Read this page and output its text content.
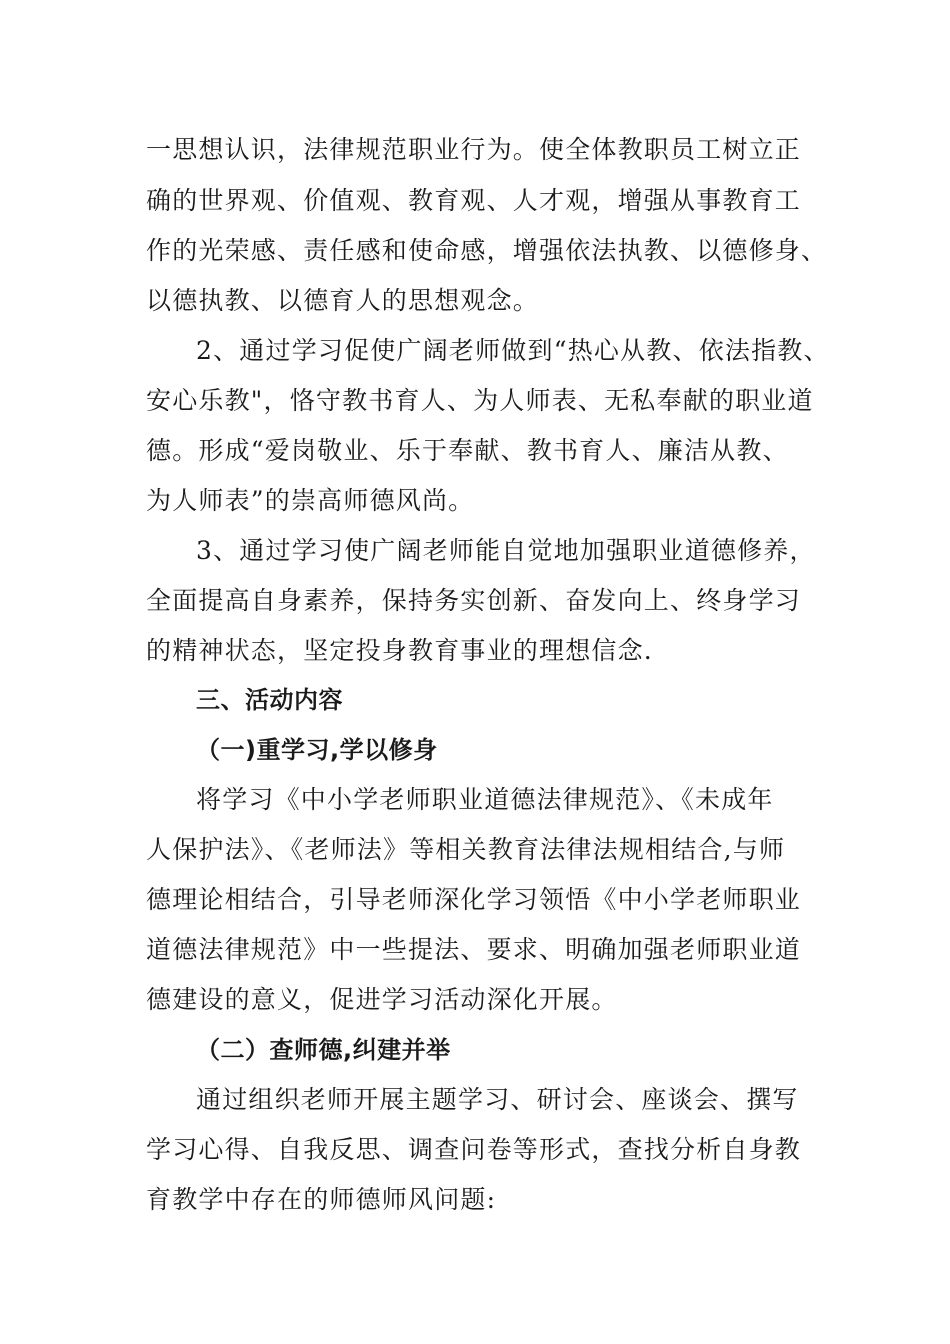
一思想认识，法律规范职业行为。使全体教职员工树立正
确的世界观、价值观、教育观、人才观，增强从事教育工
作的光荣感、责任感和使命感，增强依法执教、以德修身、
以德执教、以德育人的思想观念。
2、通过学习促使广阔老师做到“热心从教、依法指教、
安心乐教"，恪守教书育人、为人师表、无私奉献的职业道
德。形成“爱岗敬业、乐于奉献、教书育人、廉洁从教、
为人师表”的崇高师德风尚。
3、通过学习使广阔老师能自觉地加强职业道德修养，
全面提高自身素养，保持务实创新、奋发向上、终身学习
的精神状态，坚定投身教育事业的理想信念.
三、活动内容
（一)重学习,学以修身
将学习《中小学老师职业道德法律规范》、《未成年
人保护法》、《老师法》等相关教育法律法规相结合,与师
德理论相结合，引导老师深化学习领悟《中小学老师职业
道德法律规范》中一些提法、要求、明确加强老师职业道
德建设的意义，促进学习活动深化开展。
（二）查师德,纠建并举
通过组织老师开展主题学习、研讨会、座谈会、撰写
学习心得、自我反思、调查问卷等形式，查找分析自身教
育教学中存在的师德师风问题:
